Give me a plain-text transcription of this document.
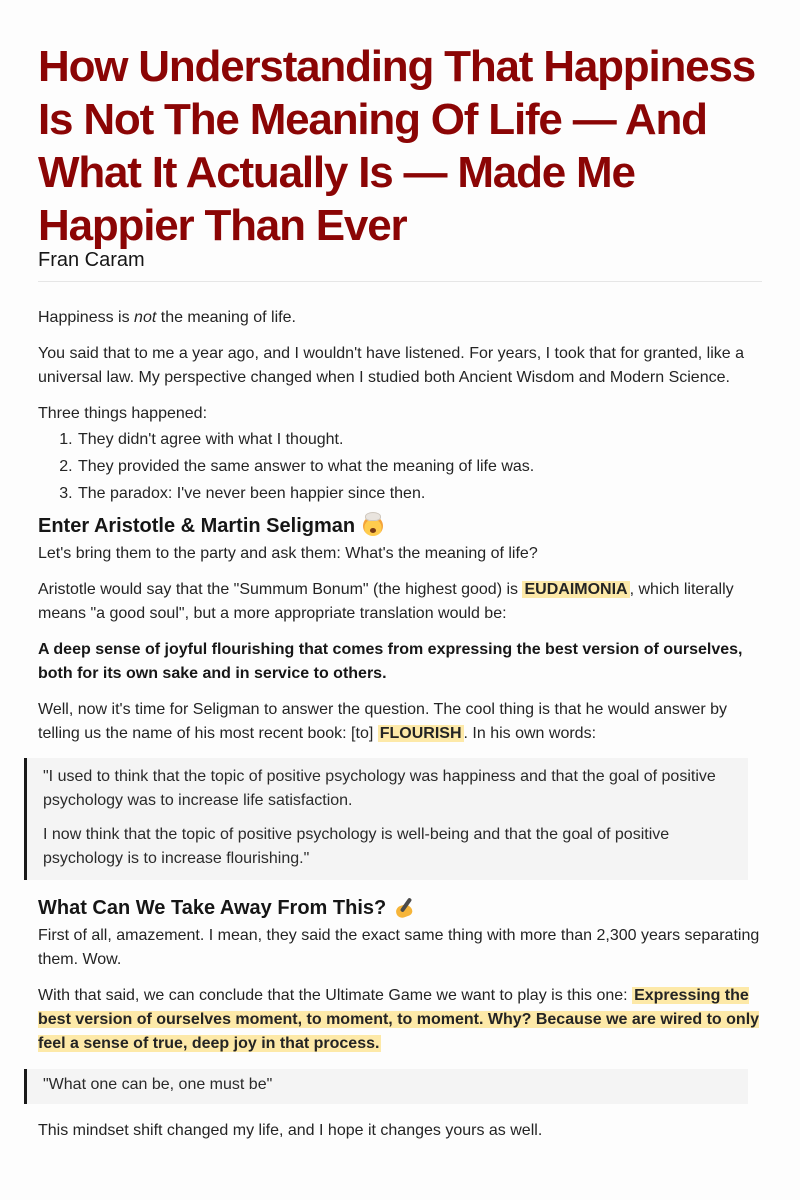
How Understanding That Happiness Is Not The Meaning Of Life — And What It Actually Is — Made Me Happier Than Ever
Fran Caram

Happiness is not the meaning of life.

You said that to me a year ago, and I wouldn't have listened. For years, I took that for granted, like a universal law. My perspective changed when I studied both Ancient Wisdom and Modern Science.

Three things happened:

1. They didn't agree with what I thought.
2. They provided the same answer to what the meaning of life was.
3. The paradox: I've never been happier since then.
Enter Aristotle & Martin Seligman

Let's bring them to the party and ask them: What's the meaning of life?

Aristotle would say that the "Summum Bonum" (the highest good) is EUDAIMONIA , which literally means "a good soul", but a more appropriate translation would be:

A deep sense of joyful flourishing that comes from expressing the best version of ourselves, both for its own sake and in service to others.

Well, now it's time for Seligman to answer the question. The cool thing is that he would answer by telling us the name of his most recent book: [to] FLOURISH . In his own words:

"I used to think that the topic of positive psychology was happiness and that the goal of positive psychology was to increase life satisfaction.

I now think that the topic of positive psychology is well-being and that the goal of positive psychology is to increase flourishing."

What Can We Take Away From This?

First of all, amazement. I mean, they said the exact same thing with more than 2,300 years separating them. Wow.

With that said, we can conclude that the Ultimate Game we want to play is this one: Expressing the best version of ourselves moment, to moment, to moment. Why? Because we are wired to only feel a sense of true, deep joy in that process.

"What one can be, one must be"

This mindset shift changed my life, and I hope it changes yours as well.
